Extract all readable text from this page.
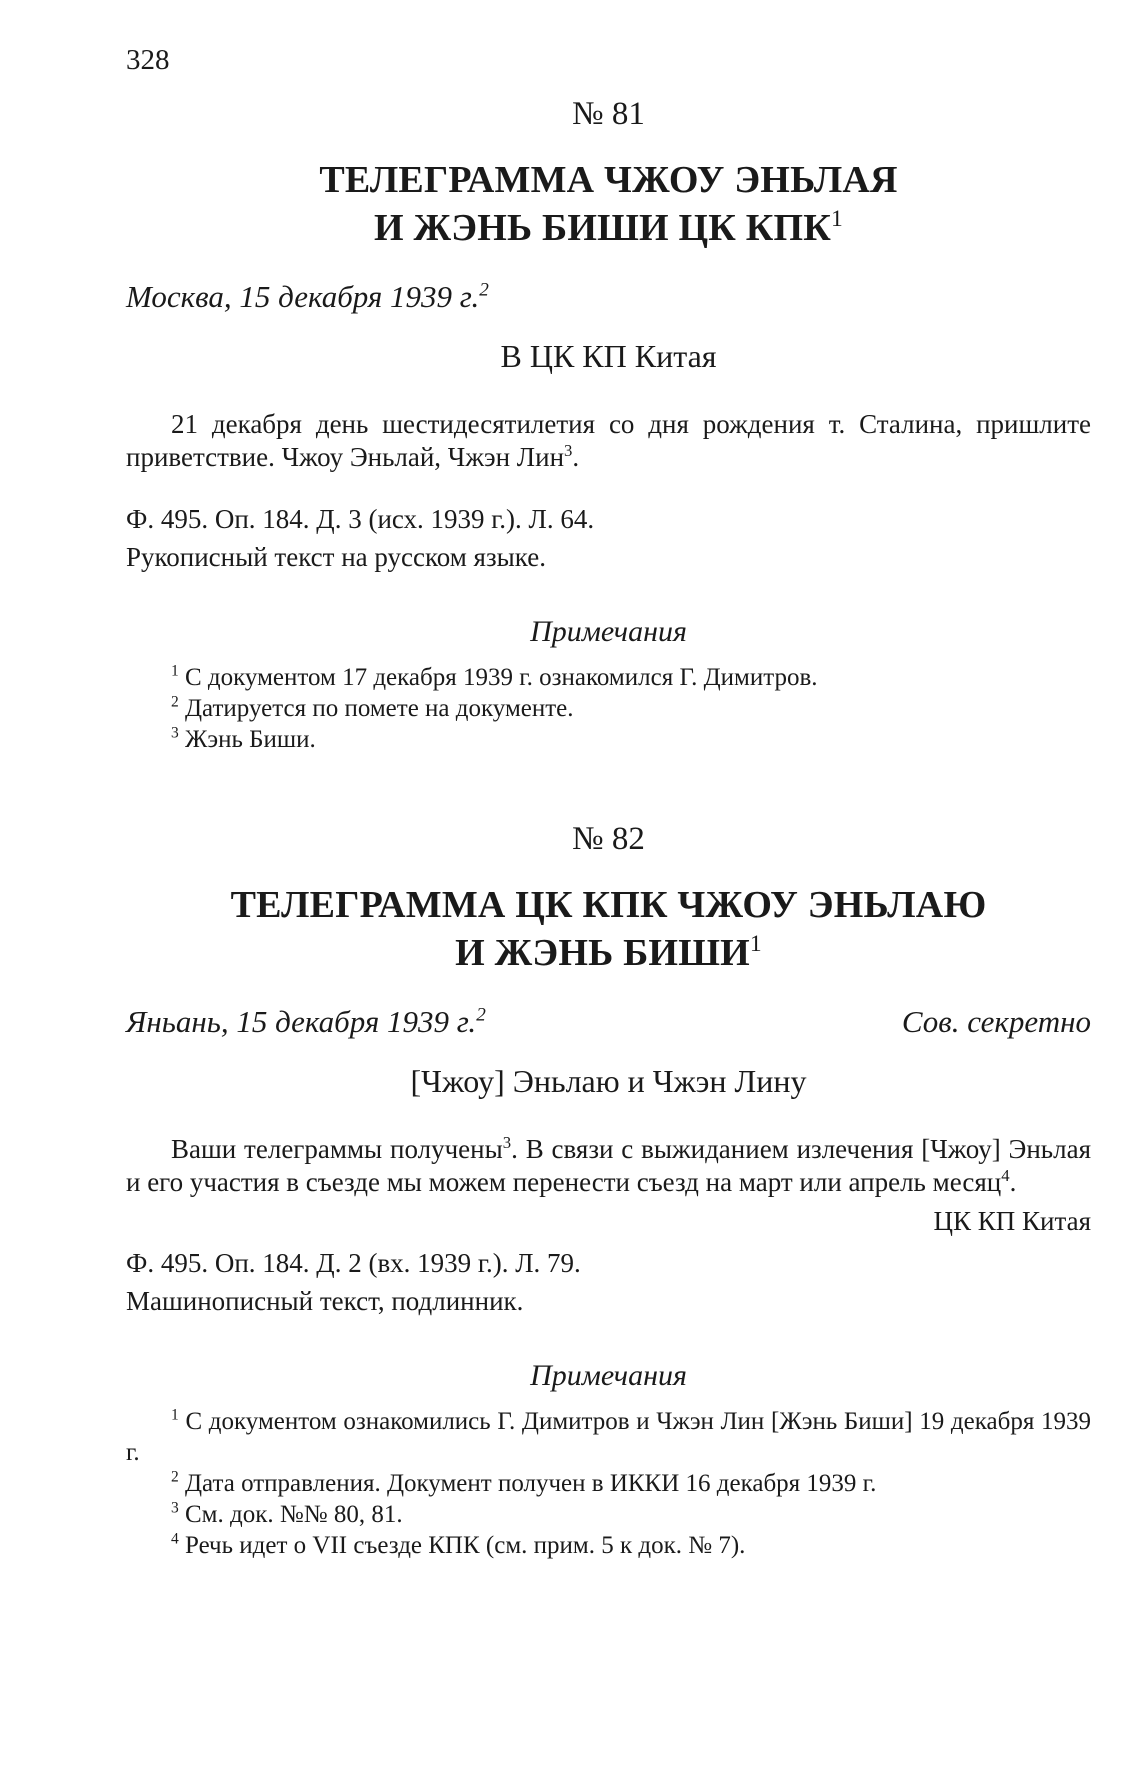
328
№ 81
ТЕЛЕГРАММА ЧЖОУ ЭНЬЛАЯ
И ЖЭНЬ БИШИ ЦК КПК$^1$
Москва, 15 декабря 1939 г.$^2$
В ЦК КП Китая

21 декабря день шестидесятилетия со дня рождения т. Сталина, пришлите приветствие. Чжоу Эньлай, Чжэн Лин$^3$.

Ф. 495. Оп. 184. Д. 3 (исх. 1939 г.). Л. 64.
Рукописный текст на русском языке.
Примечания

$^1$ С документом 17 декабря 1939 г. ознакомился Г. Димитров.

$^2$ Датируется по помете на документе.

$^3$ Жэнь Биши.

№ 82
ТЕЛЕГРАММА ЦК КПК ЧЖОУ ЭНЬЛАЮ
И ЖЭНЬ БИШИ$^1$
Яньань, 15 декабря 1939 г.$^2$	Сов. секретно
[Чжоу] Эньлаю и Чжэн Лину

Ваши телеграммы получены$^3$. В связи с выжиданием излечения [Чжоу] Эньлая и его участия в съезде мы можем перенести съезд на март или апрель месяц$^4$.

ЦК КП Китая
Ф. 495. Оп. 184. Д. 2 (вх. 1939 г.). Л. 79.
Машинописный текст, подлинник.
Примечания

$^1$ С документом ознакомились Г. Димитров и Чжэн Лин [Жэнь Биши] 19 декабря 1939 г.

$^2$ Дата отправления. Документ получен в ИККИ 16 декабря 1939 г.

$^3$ См. док. №№ 80, 81.

$^4$ Речь идет о VII съезде КПК (см. прим. 5 к док. № 7).
